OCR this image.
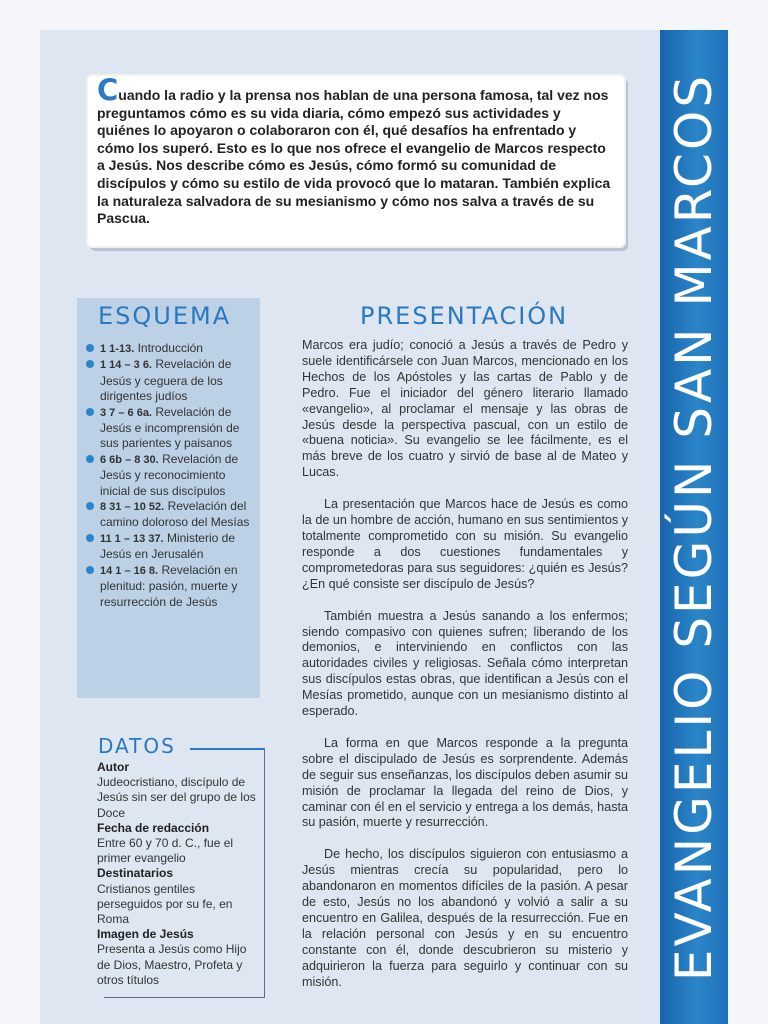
EVANGELIO SEGÚN SAN MARCOS

Cuando la radio y la prensa nos hablan de una persona famosa, tal vez nos preguntamos cómo es su vida diaria, cómo empezó sus actividades y quiénes lo apoyaron o colaboraron con él, qué desafíos ha enfrentado y cómo los superó. Esto es lo que nos ofrece el evangelio de Marcos respecto a Jesús. Nos describe cómo es Jesús, cómo formó su comunidad de discípulos y cómo su estilo de vida provocó que lo mataran. También explica la naturaleza salvadora de su mesianismo y cómo nos salva a través de su Pascua.

ESQUEMA
1 1-13. Introducción
1 14 – 3 6. Revelación de Jesús y ceguera de los dirigentes judíos
3 7 – 6 6a. Revelación de Jesús e incomprensión de sus parientes y paisanos
6 6b – 8 30. Revelación de Jesús y reconocimiento inicial de sus discípulos
8 31 – 10 52. Revelación del camino doloroso del Mesías
11 1 – 13 37. Ministerio de Jesús en Jerusalén
14 1 – 16 8. Revelación en plenitud: pasión, muerte y resurrección de Jesús
DATOS

Autor

Judeocristiano, discípulo de Jesús sin ser del grupo de los Doce

Fecha de redacción

Entre 60 y 70 d. C., fue el primer evangelio

Destinatarios

Cristianos gentiles perseguidos por su fe, en Roma

Imagen de Jesús

Presenta a Jesús como Hijo de Dios, Maestro, Profeta y otros títulos

PRESENTACIÓN

Marcos era judío; conoció a Jesús a través de Pedro y suele identificársele con Juan Marcos, mencionado en los Hechos de los Apóstoles y las cartas de Pablo y de Pedro. Fue el iniciador del género literario llamado «evangelio», al proclamar el mensaje y las obras de Jesús desde la perspectiva pascual, con un estilo de «buena noticia». Su evangelio se lee fácilmente, es el más breve de los cuatro y sirvió de base al de Mateo y Lucas.

La presentación que Marcos hace de Jesús es como la de un hombre de acción, humano en sus sentimientos y totalmente comprometido con su misión. Su evangelio responde a dos cuestiones fundamentales y comprometedoras para sus seguidores: ¿quién es Jesús? ¿En qué consiste ser discípulo de Jesús?

También muestra a Jesús sanando a los enfermos; siendo compasivo con quienes sufren; liberando de los demonios, e interviniendo en conflictos con las autoridades civiles y religiosas. Señala cómo interpretan sus discípulos estas obras, que identifican a Jesús con el Mesías prometido, aunque con un mesianismo distinto al esperado.

La forma en que Marcos responde a la pregunta sobre el discipulado de Jesús es sorprendente. Además de seguir sus enseñanzas, los discípulos deben asumir su misión de proclamar la llegada del reino de Dios, y caminar con él en el servicio y entrega a los demás, hasta su pasión, muerte y resurrección.

De hecho, los discípulos siguieron con entusiasmo a Jesús mientras crecía su popularidad, pero lo abandonaron en momentos difíciles de la pasión. A pesar de esto, Jesús no los abandonó y volvió a salir a su encuentro en Galilea, después de la resurrección. Fue en la relación personal con Jesús y en su encuentro constante con él, donde descubrieron su misterio y adquirieron la fuerza para seguirlo y continuar con su misión.
